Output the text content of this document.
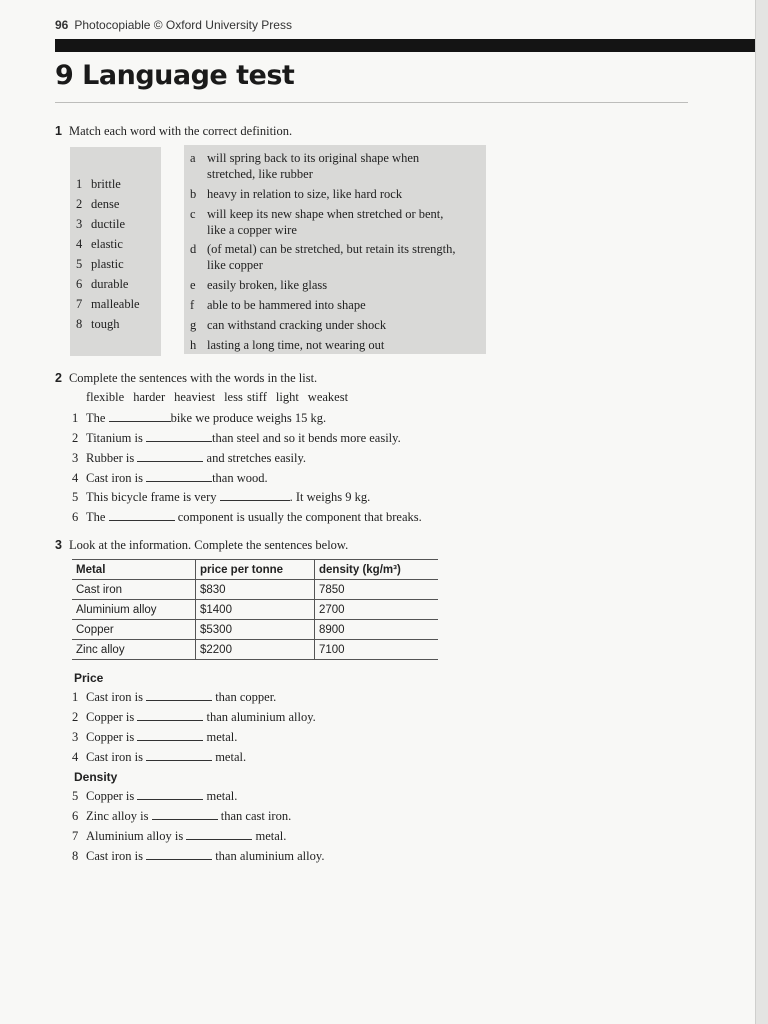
96 Photocopiable © Oxford University Press
9 Language test
1 Match each word with the correct definition.
1 brittle
2 dense
3 ductile
4 elastic
5 plastic
6 durable
7 malleable
8 tough
a will spring back to its original shape when
stretched, like rubber
b heavy in relation to size, like hard rock
c will keep its new shape when stretched or bent,
like a copper wire
d (of metal) can be stretched, but retain its strength,
like copper
e easily broken, like glass
f able to be hammered into shape
g can withstand cracking under shock
h lasting a long time, not wearing out
2 Complete the sentences with the words in the list.
flexible harder heaviest less stiff light weakest
1 The	bike we produce weighs 15 kg.
2 Titanium is	than steel and so it bends more easily.
3 Rubber is	and stretches easily.
4 Cast iron is	than wood.
5 This bicycle frame is very	. It weighs 9 kg.
6 The	component is usually the component that breaks.
3 Look at the information. Complete the sentences below.
Metal	price per tonne	density (kg/m³)
Cast iron	$830	7850
Aluminium alloy	$1400	2700
Copper	$5300	8900
Zinc alloy	$2200	7100
Price
1 Cast iron is	than copper.
2 Copper is	than aluminium alloy.
3 Copper is	metal.
4 Cast iron is	metal.
Density
5 Copper is	metal.
6 Zinc alloy is	than cast iron.
7 Aluminium alloy is	metal.
8 Cast iron is	than aluminium alloy.
